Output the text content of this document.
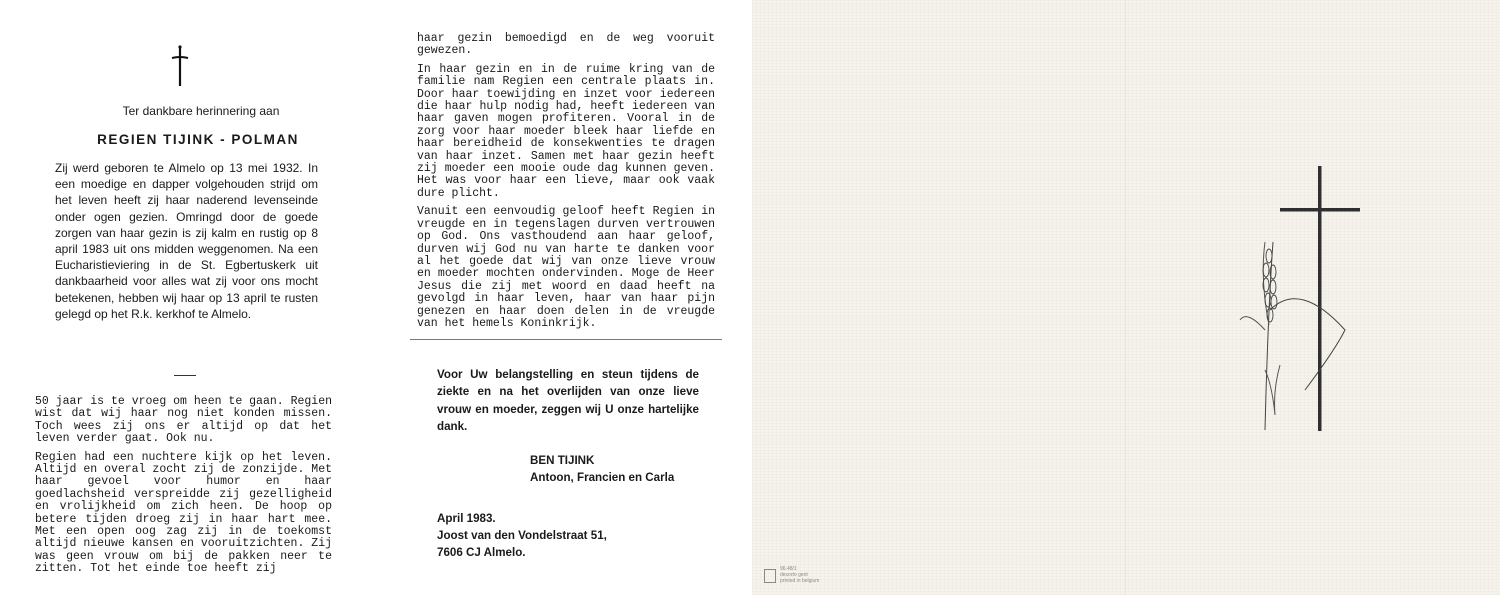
Ter dankbare herinnering aan
REGIEN TIJINK - POLMAN
Zij werd geboren te Almelo op 13 mei 1932. In een moedige en dapper volgehouden strijd om het leven heeft zij haar naderend levenseinde onder ogen gezien. Omringd door de goede zorgen van haar gezin is zij kalm en rustig op 8 april 1983 uit ons midden weggenomen. Na een Eucharistieviering in de St. Egbertuskerk uit dankbaarheid voor alles wat zij voor ons mocht betekenen, hebben wij haar op 13 april te rusten gelegd op het R.k. kerkhof te Almelo.

50 jaar is te vroeg om heen te gaan. Regien wist dat wij haar nog niet konden missen. Toch wees zij ons er altijd op dat het leven verder gaat. Ook nu.

Regien had een nuchtere kijk op het leven. Altijd en overal zocht zij de zonzijde. Met haar gevoel voor humor en haar goedlachsheid verspreidde zij gezelligheid en vrolijkheid om zich heen. De hoop op betere tijden droeg zij in haar hart mee. Met een open oog zag zij in de toekomst altijd nieuwe kansen en vooruitzichten. Zij was geen vrouw om bij de pakken neer te zitten. Tot het einde toe heeft zij

haar gezin bemoedigd en de weg vooruit gewezen.

In haar gezin en in de ruime kring van de familie nam Regien een centrale plaats in. Door haar toewijding en inzet voor iedereen die haar hulp nodig had, heeft iedereen van haar gaven mogen profiteren. Vooral in de zorg voor haar moeder bleek haar liefde en haar bereidheid de konsekwenties te dragen van haar inzet. Samen met haar gezin heeft zij moeder een mooie oude dag kunnen geven. Het was voor haar een lieve, maar ook vaak dure plicht.

Vanuit een eenvoudig geloof heeft Regien in vreugde en in tegenslagen durven vertrouwen op God. Ons vasthoudend aan haar geloof, durven wij God nu van harte te danken voor al het goede dat wij van onze lieve vrouw en moeder mochten ondervinden. Moge de Heer Jesus die zij met woord en daad heeft na gevolgd in haar leven, haar van haar pijn genezen en haar doen delen in de vreugde van het hemels Koninkrijk.

Voor Uw belangstelling en steun tijdens de ziekte en na het overlijden van onze lieve vrouw en moeder, zeggen wij U onze hartelijke dank.
BEN TIJINK
Antoon, Francien en Carla
April 1983.
Joost van den Vondelstraat 51,
7606 CJ Almelo.
96.48/1
desorto gent
printed in belgium
